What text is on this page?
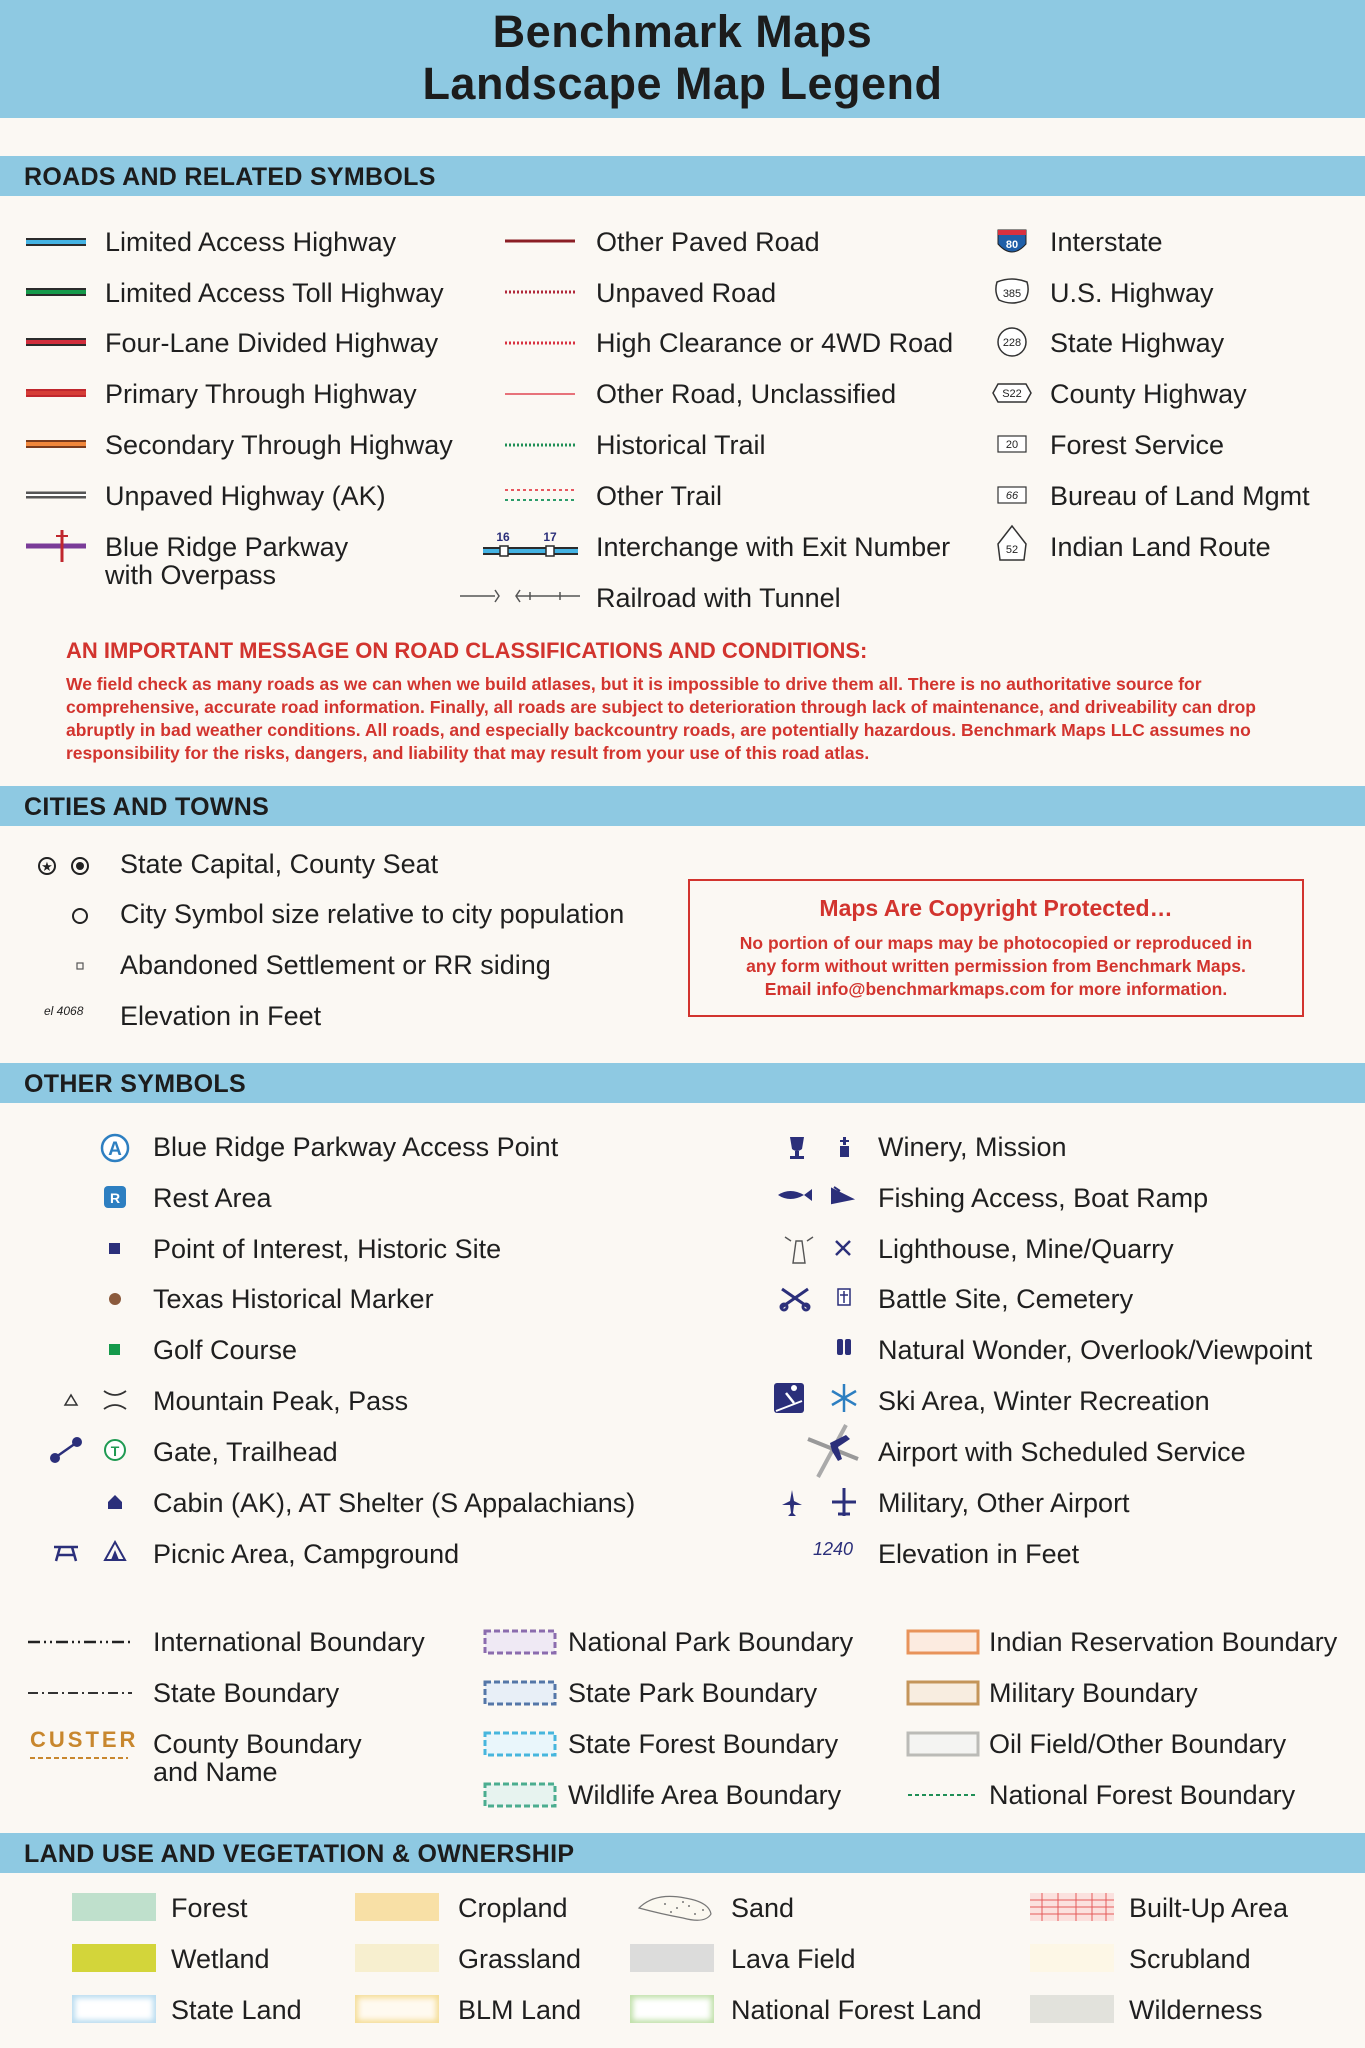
Benchmark Maps
Landscape Map Legend
ROADS AND RELATED SYMBOLS
16	17
80
385
228
S22
20
66
52
Limited Access Highway
Limited Access Toll Highway
Four-Lane Divided Highway
Primary Through Highway
Secondary Through Highway
Unpaved Highway (AK)
Blue Ridge Parkway
with Overpass
Other Paved Road
Unpaved Road
High Clearance or 4WD Road
Other Road, Unclassified
Historical Trail
Other Trail
Interchange with Exit Number
Railroad with Tunnel
Interstate
U.S. Highway
State Highway
County Highway
Forest Service
Bureau of Land Mgmt
Indian Land Route
AN IMPORTANT MESSAGE ON ROAD CLASSIFICATIONS AND CONDITIONS:
We field check as many roads as we can when we build atlases, but it is impossible to drive them all. There is no authoritative source for
comprehensive, accurate road information. Finally, all roads are subject to deterioration through lack of maintenance, and driveability can drop
abruptly in bad weather conditions. All roads, and especially backcountry roads, are potentially hazardous. Benchmark Maps LLC assumes no
responsibility for the risks, dangers, and liability that may result from your use of this road atlas.
CITIES AND TOWNS
★
el 4068
State Capital, County Seat
City Symbol size relative to city population
Abandoned Settlement or RR siding
Elevation in Feet
Maps Are Copyright Protected…
No portion of our maps may be photocopied or reproduced in
any form without written permission from Benchmark Maps.
Email info@benchmarkmaps.com for more information.
OTHER SYMBOLS
A
R
T
Blue Ridge Parkway Access Point
Rest Area
Point of Interest, Historic Site
Texas Historical Marker
Golf Course
Mountain Peak, Pass
Gate, Trailhead
Cabin (AK), AT Shelter (S Appalachians)
Picnic Area, Campground	1240
Winery, Mission
Fishing Access, Boat Ramp
Lighthouse, Mine/Quarry
Battle Site, Cemetery
Natural Wonder, Overlook/Viewpoint
Ski Area, Winter Recreation
Airport with Scheduled Service
Military, Other Airport
Elevation in Feet
CUSTER
International Boundary
State Boundary
County Boundary
and Name
National Park Boundary
State Park Boundary
State Forest Boundary
Wildlife Area Boundary
Indian Reservation Boundary
Military Boundary
Oil Field/Other Boundary
National Forest Boundary
LAND USE AND VEGETATION & OWNERSHIP
Forest
Wetland
State Land
Cropland
Grassland
BLM Land
Sand
Lava Field
National Forest Land
Built-Up Area
Scrubland
Wilderness
